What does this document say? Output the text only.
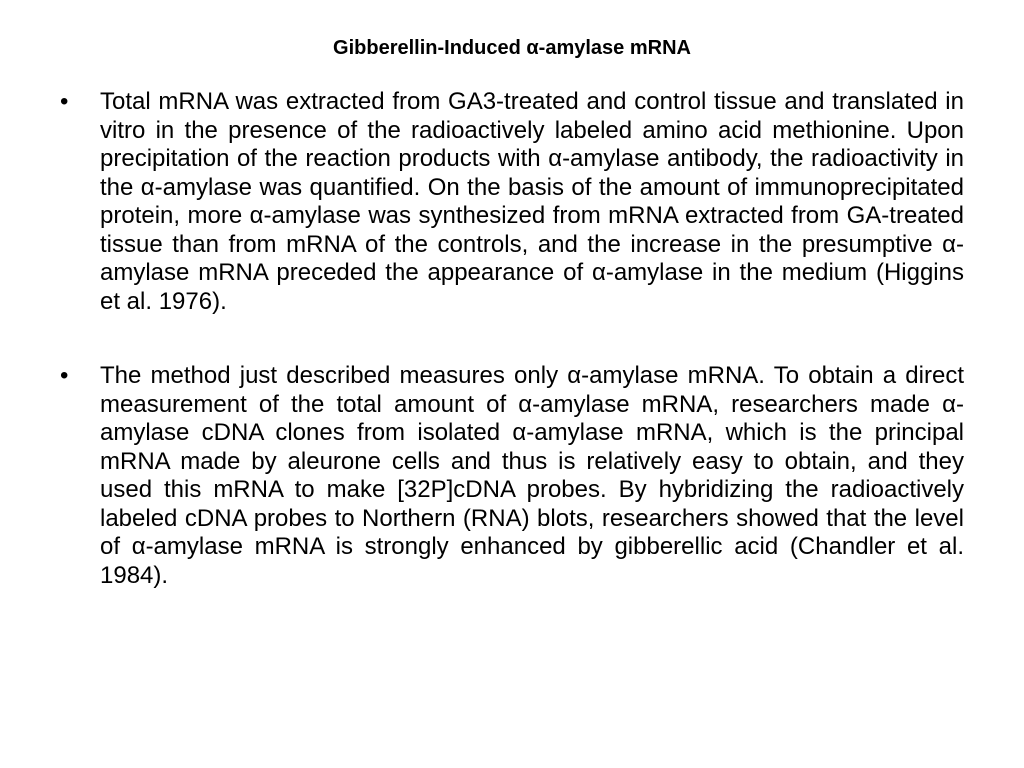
Gibberellin-Induced α-amylase mRNA
•	Total mRNA was extracted from GA3-treated and control tissue and translated in vitro in the presence of the radioactively labeled amino acid methionine. Upon precipitation of the reaction products with α-amylase antibody, the radioactivity in the α-amylase was quantified. On the basis of the amount of immunoprecipitated protein, more α-amylase was synthesized from mRNA extracted from GA-treated tissue than from mRNA of the controls, and the increase in the presumptive α-amylase mRNA preceded the appearance of α-amylase in the medium (Higgins et al. 1976).
•	The method just described measures only α-amylase mRNA. To obtain a direct measurement of the total amount of α-amylase mRNA, researchers made α-amylase cDNA clones from isolated α-amylase mRNA, which is the principal mRNA made by aleurone cells and thus is relatively easy to obtain, and they used this mRNA to make [32P]cDNA probes. By hybridizing the radioactively labeled cDNA probes to Northern (RNA) blots, researchers showed that the level of α-amylase mRNA is strongly enhanced by gibberellic acid (Chandler et al. 1984).
